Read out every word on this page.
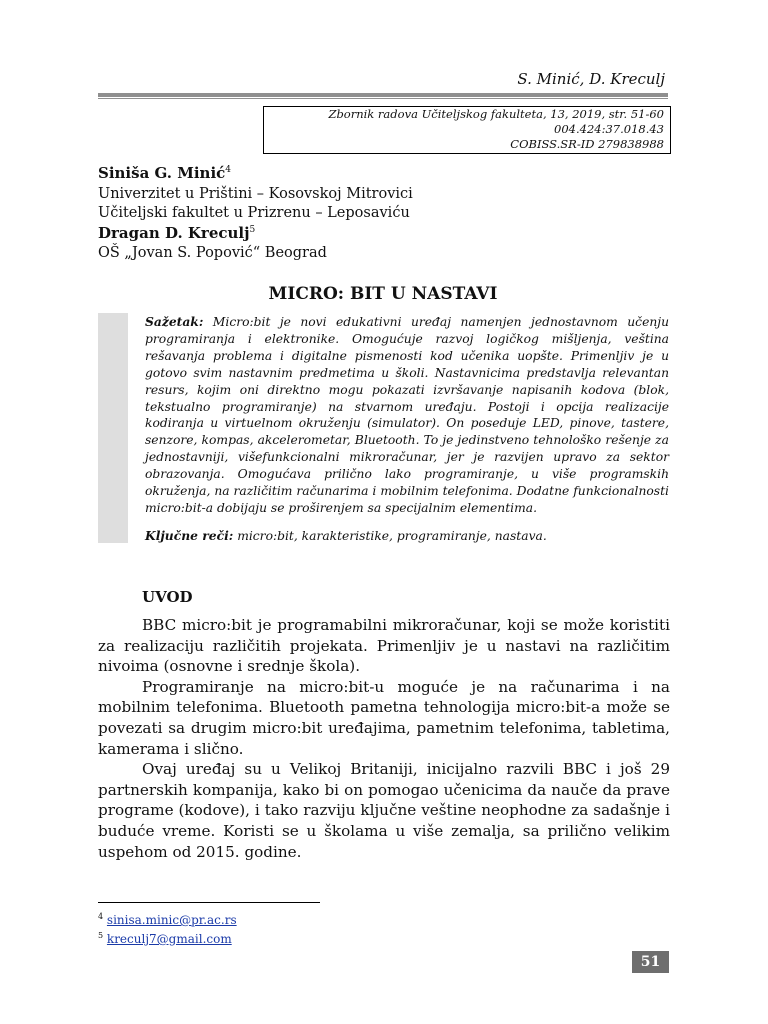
S. Minić, D. Kreculj
Zbornik radova Učiteljskog fakulteta, 13, 2019, str. 51-60
004.424:37.018.43
COBISS.SR-ID 279838988
Siniša G. Minić$^4$
Univerzitet u Prištini – Kosovskoj Mitrovici
Učiteljski fakultet u Prizrenu – Leposaviću
Dragan D. Kreculj$^5$
OŠ „Jovan S. Popović“ Beograd
MICRO: BIT U NASTAVI
Sažetak: Micro:bit je novi edukativni uređaj namenjen jednostavnom učenju programiranja i elektronike. Omogućuje razvoj logičkog mišljenja, veština rešavanja problema i digitalne pismenosti kod učenika uopšte. Primenljiv je u gotovo svim nastavnim predmetima u školi. Nastavnicima predstavlja relevantan resurs, kojim oni direktno mogu pokazati izvršavanje napisanih kodova (blok, tekstualno programiranje) na stvarnom uređaju. Postoji i opcija realizacije kodiranja u virtuelnom okruženju (simulator). On poseduje LED, pinove, tastere, senzore, kompas, akcelerometar, Bluetooth. To je jedinstveno tehnološko rešenje za jednostavniji, višefunkcionalni mikroračunar, jer je razvijen upravo za sektor obrazovanja. Omogućava prilično lako programiranje, u više programskih okruženja, na različitim računarima i mobilnim telefonima. Dodatne funkcionalnosti micro:bit-a dobijaju se proširenjem sa specijalnim elementima.
Ključne reči: micro:bit, karakteristike, programiranje, nastava.
UVOD

BBC micro:bit je programabilni mikroračunar, koji se može koristiti za realizaciju različitih projekata. Primenljiv je u nastavi na različitim nivoima (osnovne i srednje škola).

Programiranje na micro:bit-u moguće je na računarima i na mobilnim telefonima. Bluetooth pametna tehnologija micro:bit-a može se povezati sa drugim micro:bit uređajima, pametnim telefonima, tabletima, kamerama i slično.

Ovaj uređaj su u Velikoj Britaniji, inicijalno razvili BBC i još 29 partnerskih kompanija, kako bi on pomogao učenicima da nauče da prave programe (kodove), i tako razviju ključne veštine neophodne za sadašnje i buduće vreme. Koristi se u školama u više zemalja, sa prilično velikim uspehom od 2015. godine.

$^4$ sinisa.minic@pr.ac.rs
$^5$ kreculj7@gmail.com
51
